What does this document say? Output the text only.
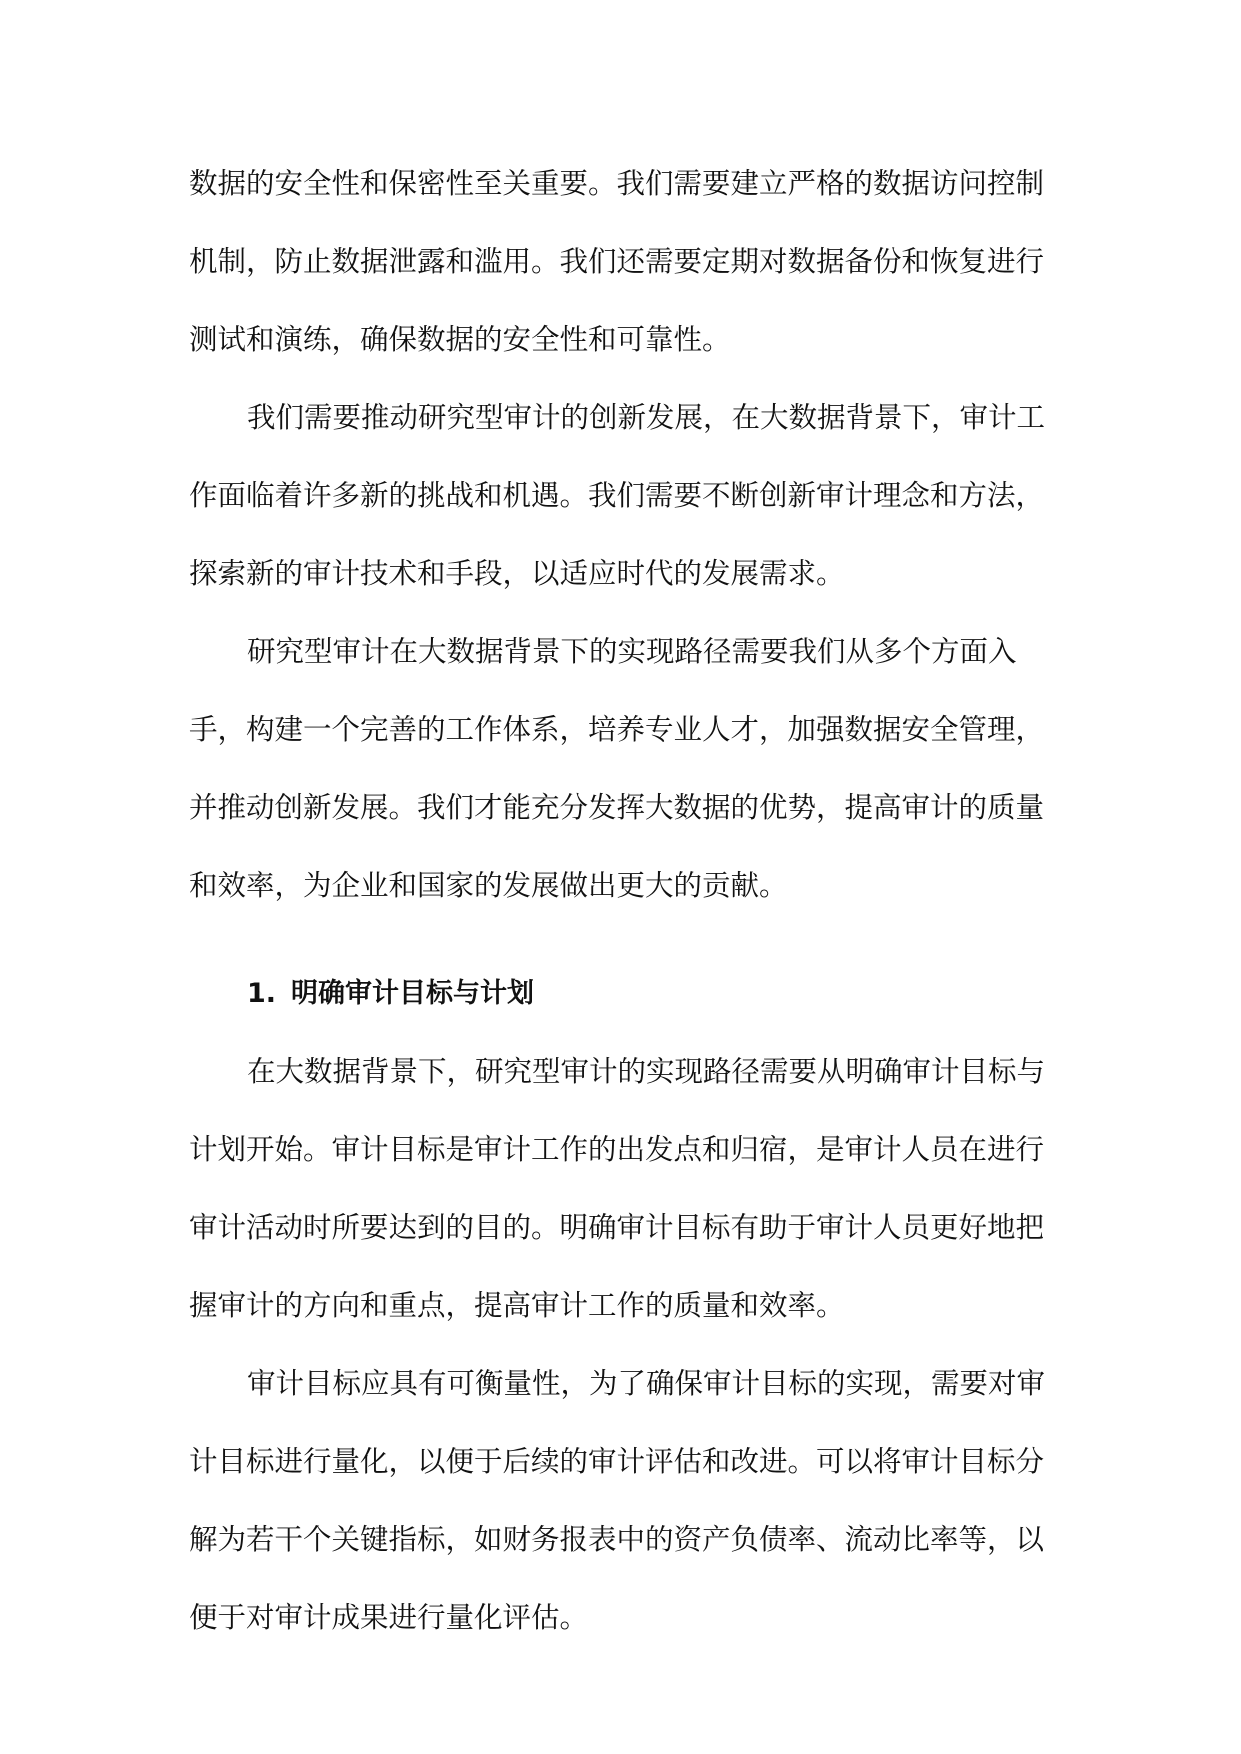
数据的安全性和保密性至关重要。我们需要建立严格的数据访问控制
机制，防止数据泄露和滥用。我们还需要定期对数据备份和恢复进行
测试和演练，确保数据的安全性和可靠性。
我们需要推动研究型审计的创新发展，在大数据背景下，审计工
作面临着许多新的挑战和机遇。我们需要不断创新审计理念和方法，
探索新的审计技术和手段，以适应时代的发展需求。
研究型审计在大数据背景下的实现路径需要我们从多个方面入
手，构建一个完善的工作体系，培养专业人才，加强数据安全管理，
并推动创新发展。我们才能充分发挥大数据的优势，提高审计的质量
和效率，为企业和国家的发展做出更大的贡献。
1. 明确审计目标与计划
在大数据背景下，研究型审计的实现路径需要从明确审计目标与
计划开始。审计目标是审计工作的出发点和归宿，是审计人员在进行
审计活动时所要达到的目的。明确审计目标有助于审计人员更好地把
握审计的方向和重点，提高审计工作的质量和效率。
审计目标应具有可衡量性，为了确保审计目标的实现，需要对审
计目标进行量化，以便于后续的审计评估和改进。可以将审计目标分
解为若干个关键指标，如财务报表中的资产负债率、流动比率等，以
便于对审计成果进行量化评估。
